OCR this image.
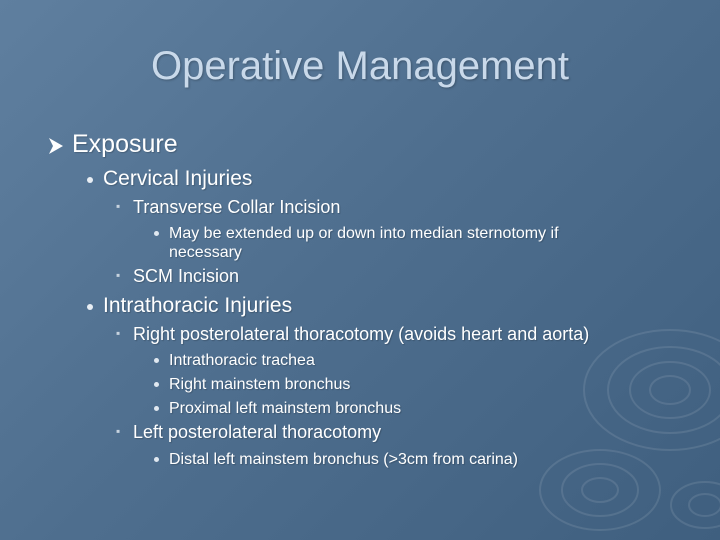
Operative Management
Exposure
Cervical Injuries
▪ Transverse Collar Incision
May be extended up or down into median sternotomy if
necessary
▪ SCM Incision
Intrathoracic Injuries
▪ Right posterolateral thoracotomy (avoids heart and aorta)
Intrathoracic trachea
Right mainstem bronchus
Proximal left mainstem bronchus
▪ Left posterolateral thoracotomy
Distal left mainstem bronchus (>3cm from carina)
